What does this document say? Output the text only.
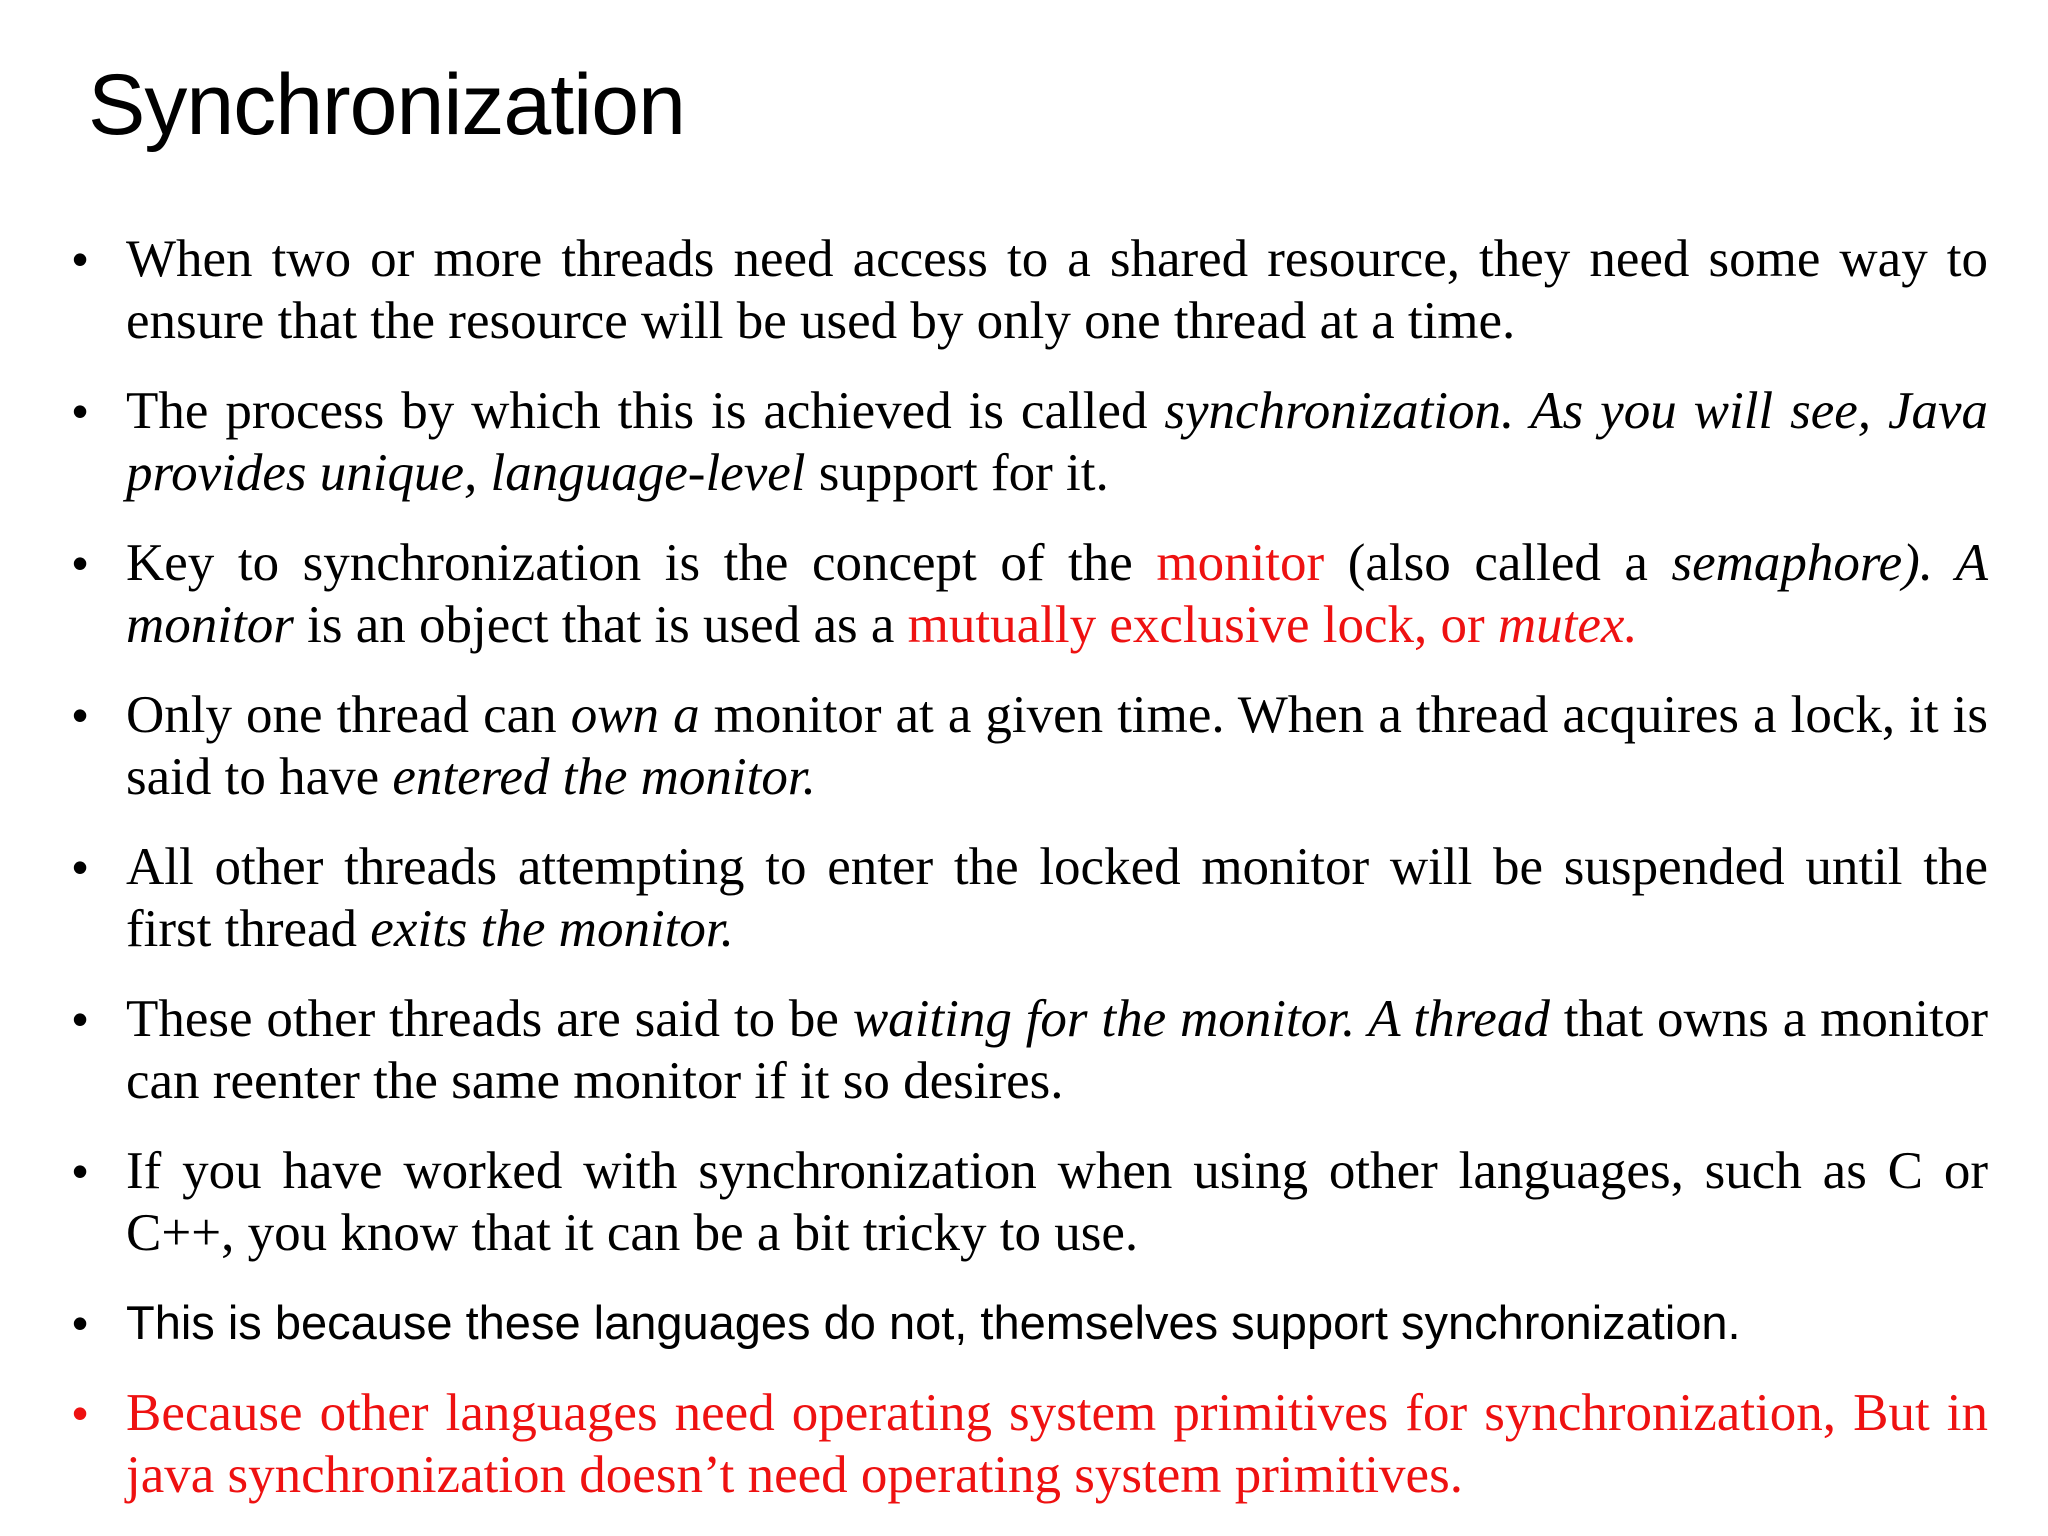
Synchronization
• When two or more threads need access to a shared resource, they need some way to ensure that the resource will be used by only one thread at a time.
• The process by which this is achieved is called synchronization. As you will see, Java provides unique, language-level support for it.
• Key to synchronization is the concept of the monitor (also called a semaphore). A monitor is an object that is used as a mutually exclusive lock, or mutex.
• Only one thread can own a monitor at a given time. When a thread acquires a lock, it is said to have entered the monitor.
• All other threads attempting to enter the locked monitor will be suspended until the first thread exits the monitor.
• These other threads are said to be waiting for the monitor. A thread that owns a monitor can reenter the same monitor if it so desires.
• If you have worked with synchronization when using other languages, such as C or C++, you know that it can be a bit tricky to use.
• This is because these languages do not, themselves support synchronization.
• Because other languages need operating system primitives for synchronization, But in java synchronization doesn’t need operating system primitives.
